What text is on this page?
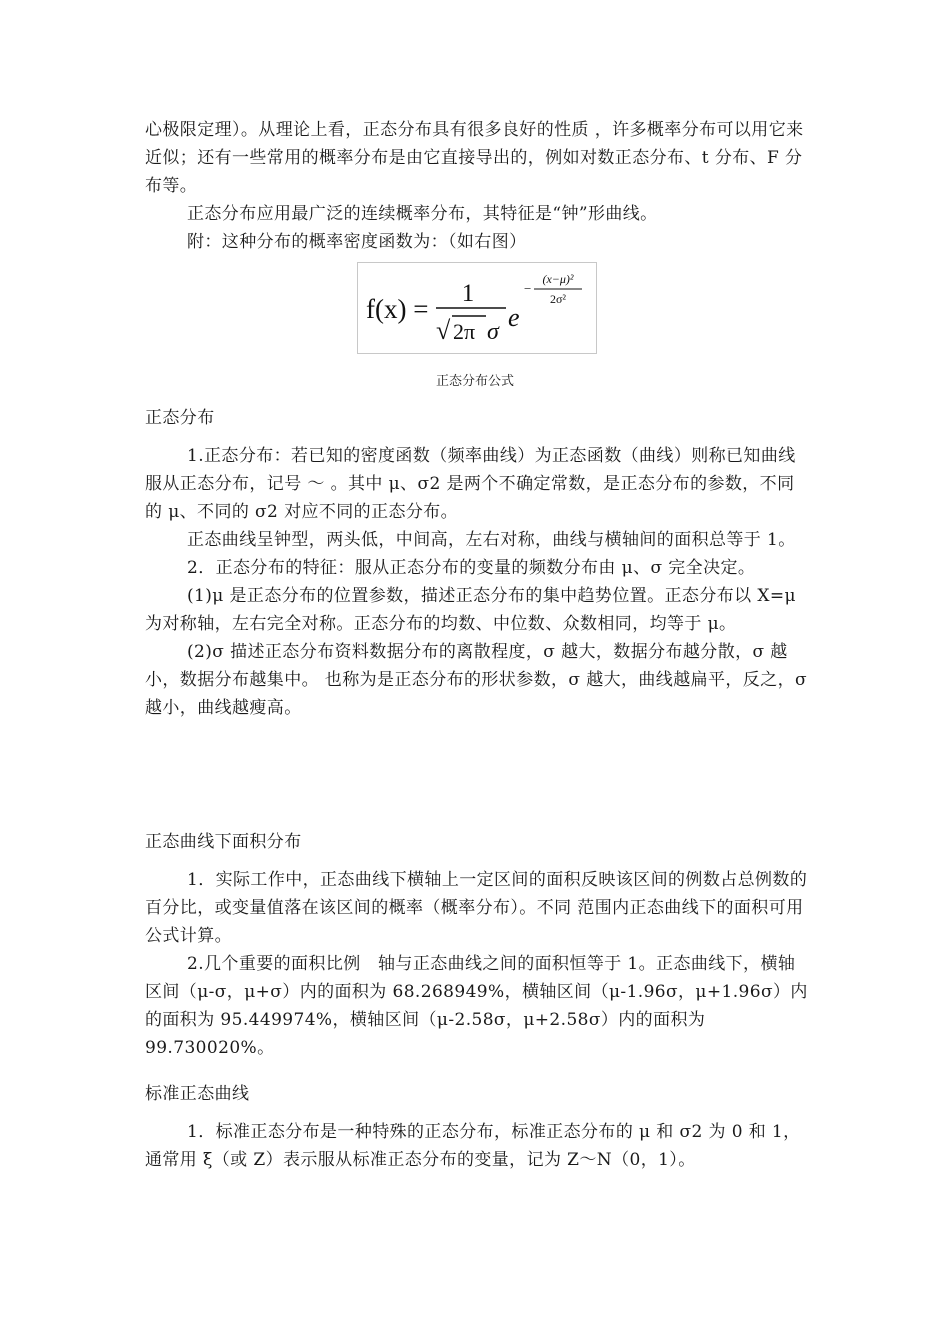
心极限定理）。从理论上看，正态分布具有很多良好的性质 ，许多概率分布可以用它来近似；还有一些常用的概率分布是由它直接导出的，例如对数正态分布、t 分布、F 分布等。

正态分布应用最广泛的连续概率分布，其特征是“钟”形曲线。

附：这种分布的概率密度函数为：（如右图）

f(x) =
1
√ 2π σ e
−
(x−μ)²
2σ²
正态分布公式

正态分布

1.正态分布：若已知的密度函数（频率曲线）为正态函数（曲线）则称已知曲线服从正态分布，记号 ～ 。其中 μ、σ2 是两个不确定常数，是正态分布的参数，不同的 μ、不同的 σ2 对应不同的正态分布。

正态曲线呈钟型，两头低，中间高，左右对称，曲线与横轴间的面积总等于 1。

2．正态分布的特征：服从正态分布的变量的频数分布由 μ、σ 完全决定。

(1)μ 是正态分布的位置参数，描述正态分布的集中趋势位置。正态分布以 X=μ 为对称轴，左右完全对称。正态分布的均数、中位数、众数相同，均等于 μ。

(2)σ 描述正态分布资料数据分布的离散程度，σ 越大，数据分布越分散，σ 越小，数据分布越集中。 也称为是正态分布的形状参数，σ 越大，曲线越扁平，反之，σ 越小，曲线越瘦高。

正态曲线下面积分布

1．实际工作中，正态曲线下横轴上一定区间的面积反映该区间的例数占总例数的百分比，或变量值落在该区间的概率（概率分布）。不同 范围内正态曲线下的面积可用公式计算。

2.几个重要的面积比例　轴与正态曲线之间的面积恒等于 1。正态曲线下，横轴区间（μ-σ，μ+σ）内的面积为 68.268949%，横轴区间（μ-1.96σ，μ+1.96σ）内的面积为 95.449974%，横轴区间（μ-2.58σ，μ+2.58σ）内的面积为 99.730020%。

标准正态曲线

1．标准正态分布是一种特殊的正态分布，标准正态分布的 μ 和 σ2 为 0 和 1，通常用 ξ（或 Z）表示服从标准正态分布的变量，记为 Z～N（0，1）。
